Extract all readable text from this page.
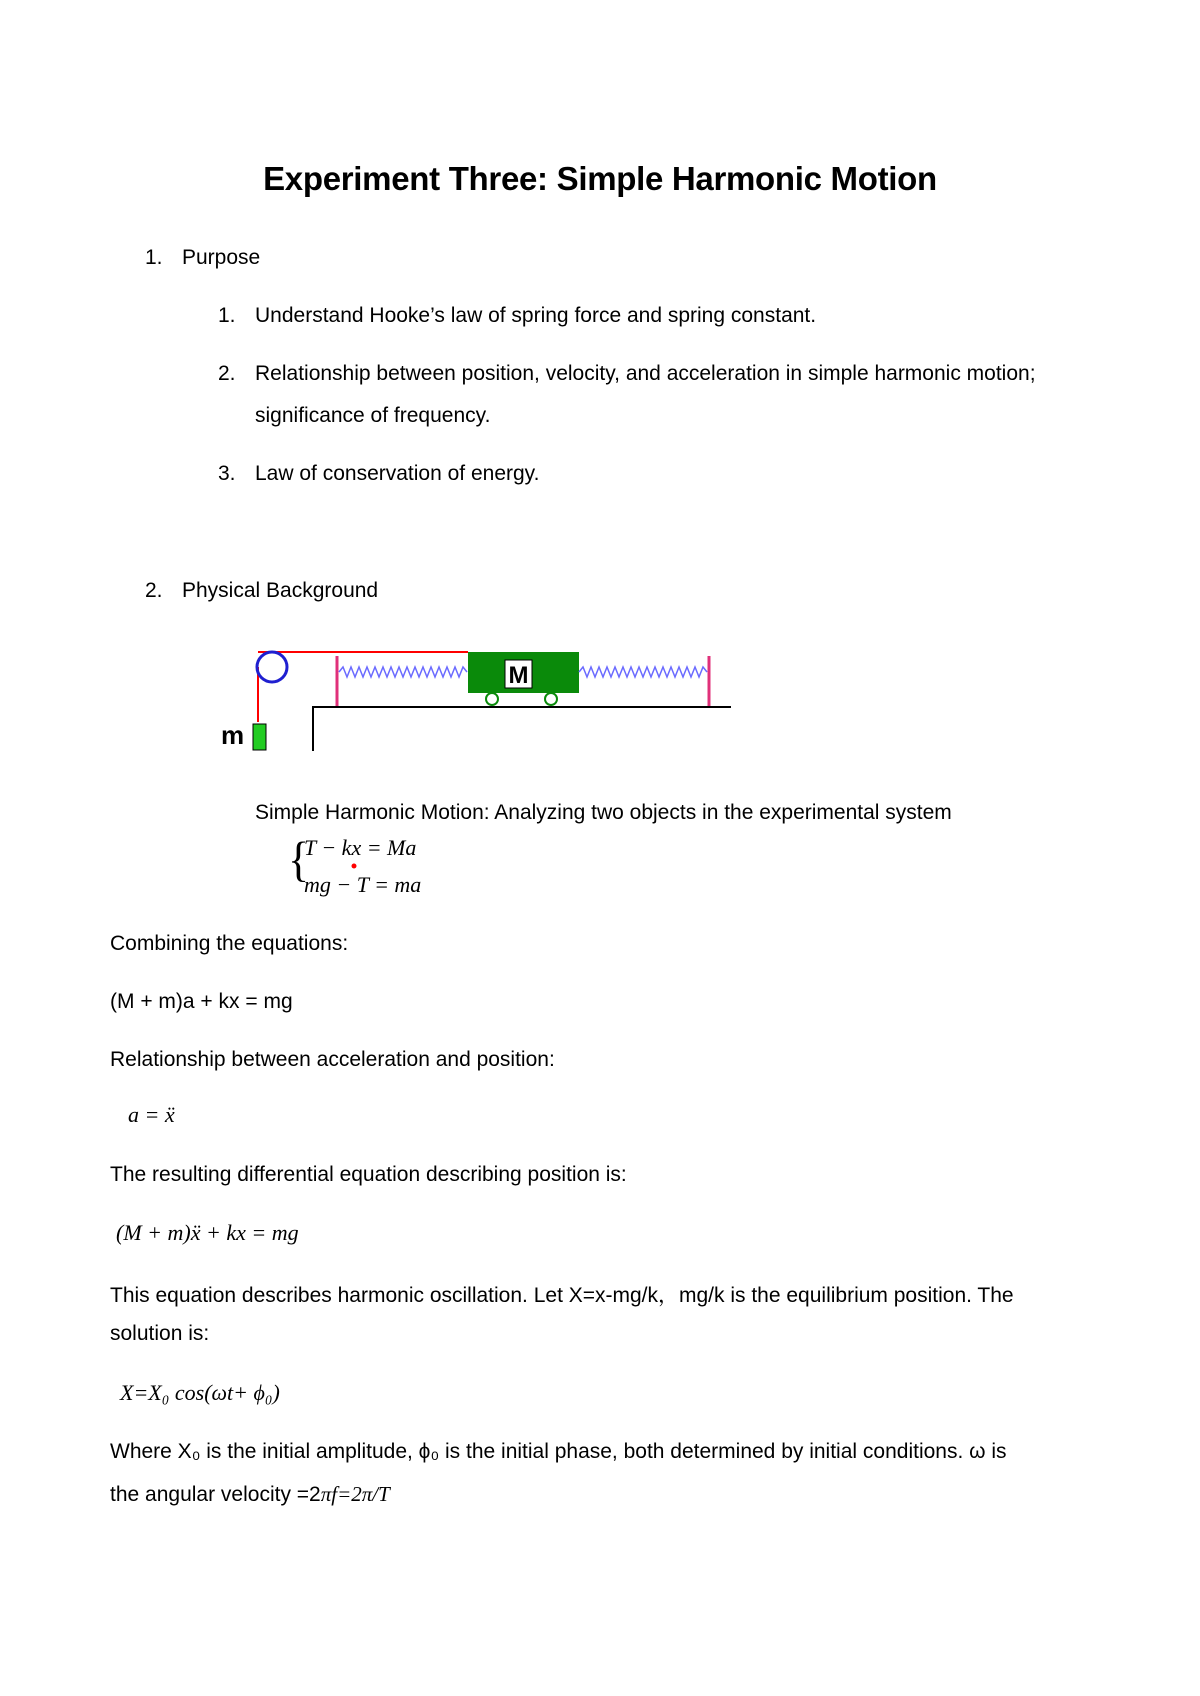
Experiment Three: Simple Harmonic Motion
1. Purpose
1. Understand Hooke’s law of spring force and spring constant.
2. Relationship between position, velocity, and acceleration in simple harmonic motion;
significance of frequency.
3. Law of conservation of energy.
2. Physical Background
M
m
Simple Harmonic Motion: Analyzing two objects in the experimental system
{
T − kx = Ma
mg − T = ma
Combining the equations:
(M + m)a + kx = mg
Relationship between acceleration and position:
a = ẍ
The resulting differential equation describing position is:
(M + m)ẍ + kx = mg
This equation describes harmonic oscillation. Let X=x-mg/k，mg/k is the equilibrium position. The
solution is:
X=X₀ cos(ωt+ ϕ₀)
Where X₀ is the initial amplitude, ϕ₀ is the initial phase, both determined by initial conditions. ω is
the angular velocity =2πf=2π/T
